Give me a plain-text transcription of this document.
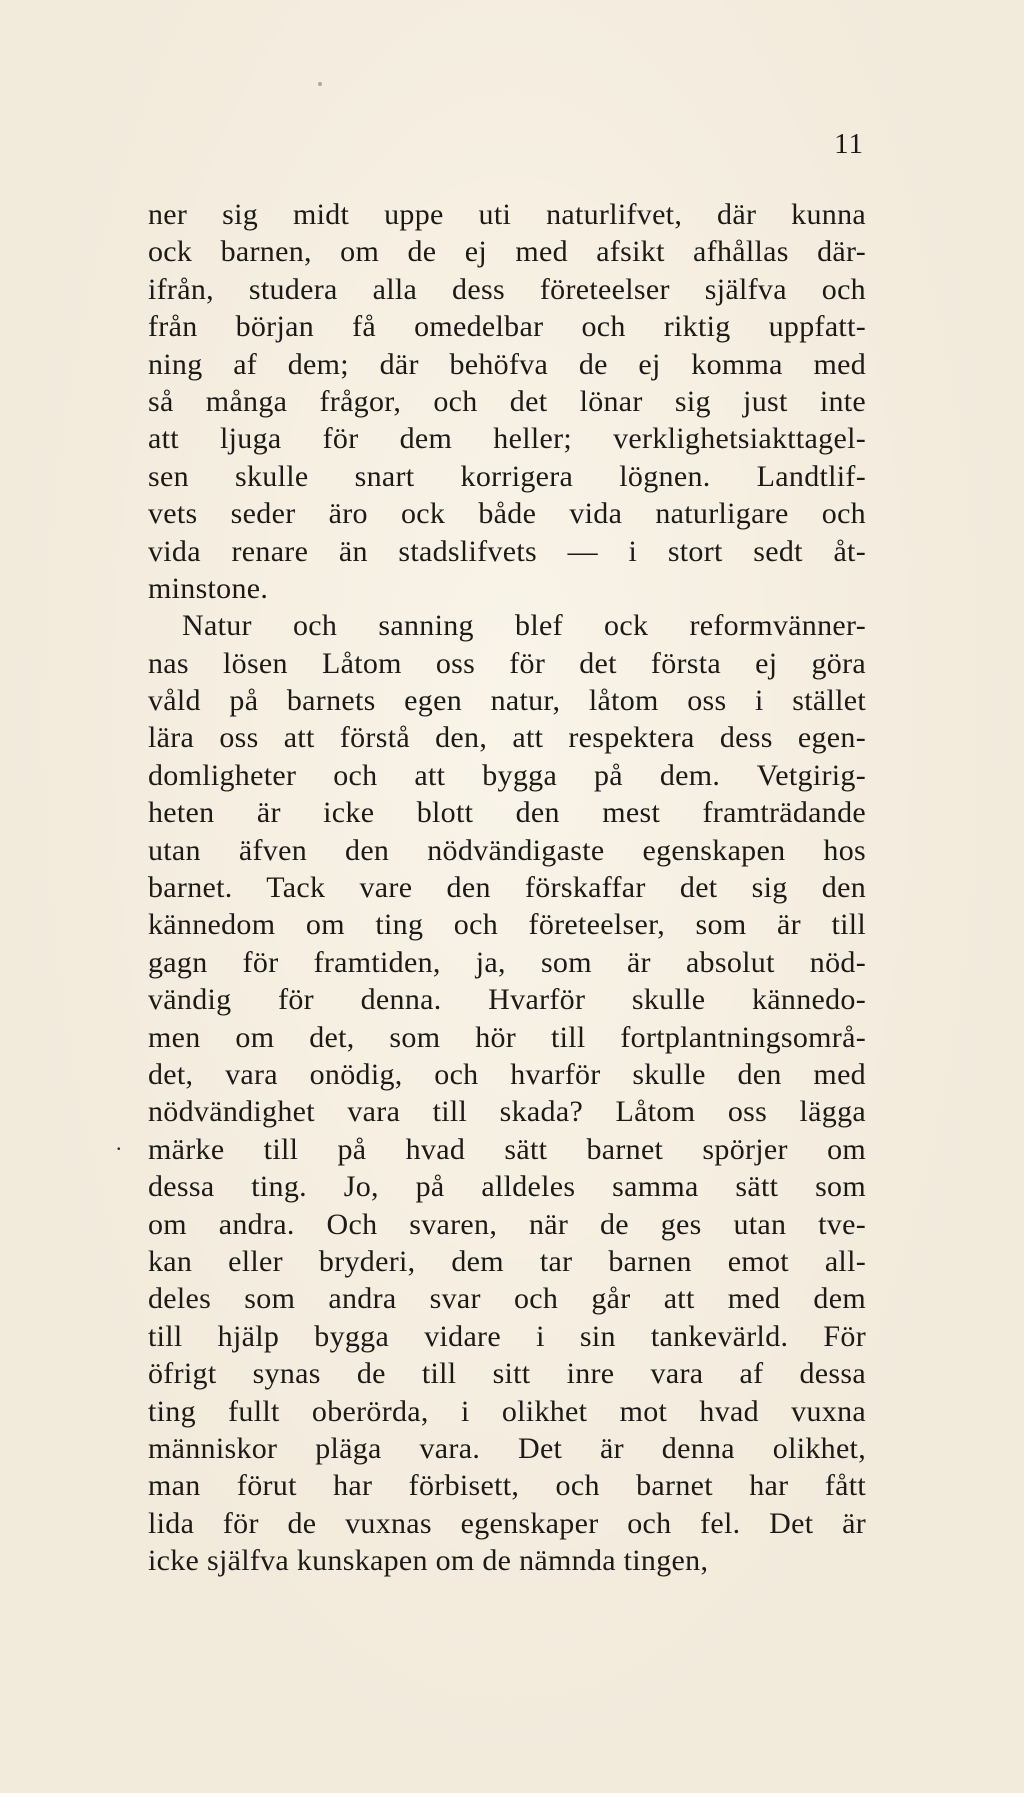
11
ner sig midt uppe uti naturlifvet, där kunna
ock barnen, om de ej med afsikt afhållas där-
ifrån, studera alla dess företeelser själfva och
från början få omedelbar och riktig uppfatt-
ning af dem; där behöfva de ej komma med
så många frågor, och det lönar sig just inte
att ljuga för dem heller; verklighetsiakttagel-
sen skulle snart korrigera lögnen. Landtlif-
vets seder äro ock både vida naturligare och
vida renare än stadslifvets — i stort sedt åt-
minstone.
Natur och sanning blef ock reformvänner-
nas lösen Låtom oss för det första ej göra
våld på barnets egen natur, låtom oss i stället
lära oss att förstå den, att respektera dess egen-
domligheter och att bygga på dem. Vetgirig-
heten är icke blott den mest framträdande
utan äfven den nödvändigaste egenskapen hos
barnet. Tack vare den förskaffar det sig den
kännedom om ting och företeelser, som är till
gagn för framtiden, ja, som är absolut nöd-
vändig för denna. Hvarför skulle kännedo-
men om det, som hör till fortplantningsområ-
det, vara onödig, och hvarför skulle den med
nödvändighet vara till skada? Låtom oss lägga
märke till på hvad sätt barnet spörjer om
dessa ting. Jo, på alldeles samma sätt som
om andra. Och svaren, när de ges utan tve-
kan eller bryderi, dem tar barnen emot all-
deles som andra svar och går att med dem
till hjälp bygga vidare i sin tankevärld. För
öfrigt synas de till sitt inre vara af dessa
ting fullt oberörda, i olikhet mot hvad vuxna
människor pläga vara. Det är denna olikhet,
man förut har förbisett, och barnet har fått
lida för de vuxnas egenskaper och fel. Det är
icke själfva kunskapen om de nämnda tingen,
.
